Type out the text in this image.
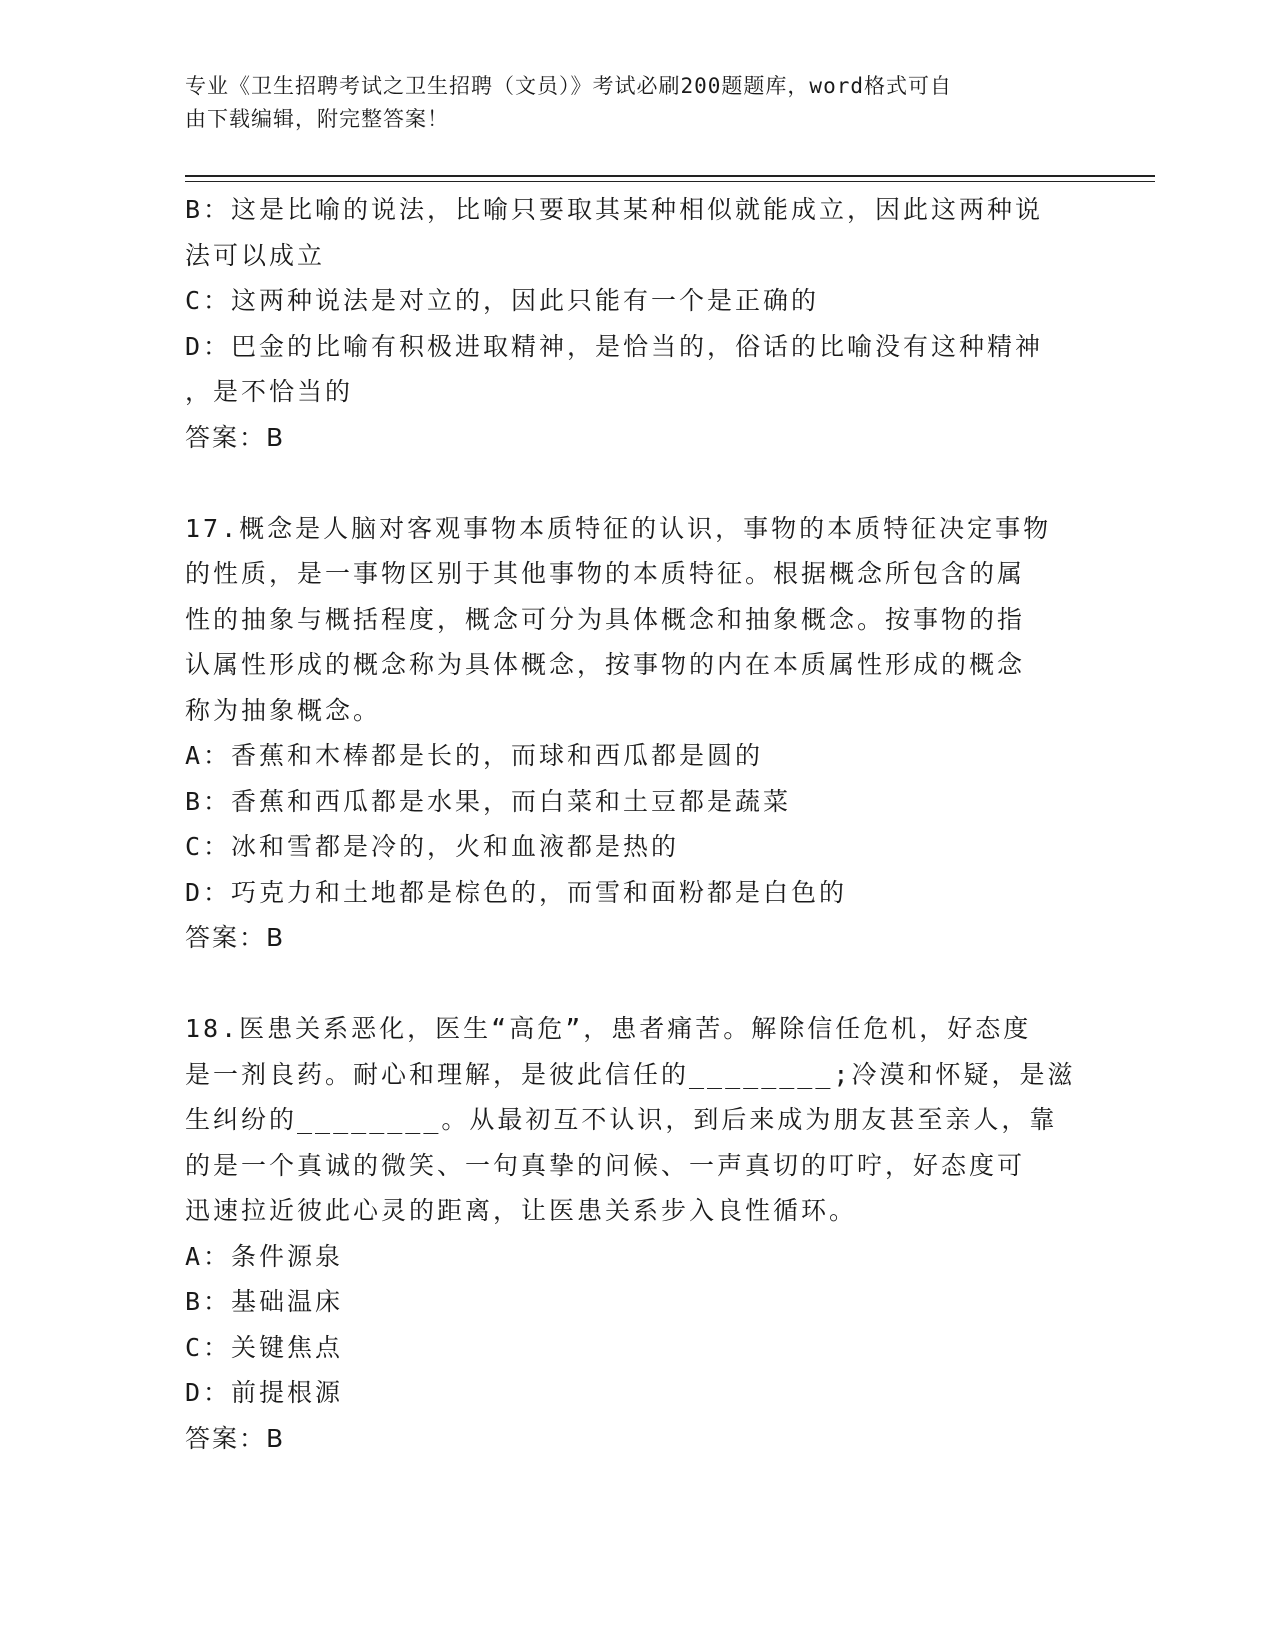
专业《卫生招聘考试之卫生招聘（文员）》考试必刷200题题库，word格式可自
由下载编辑，附完整答案！
B：这是比喻的说法，比喻只要取其某种相似就能成立，因此这两种说
法可以成立
C：这两种说法是对立的，因此只能有一个是正确的
D：巴金的比喻有积极进取精神，是恰当的，俗话的比喻没有这种精神
，是不恰当的
答案：B
17.概念是人脑对客观事物本质特征的认识，事物的本质特征决定事物
的性质，是一事物区别于其他事物的本质特征。根据概念所包含的属
性的抽象与概括程度，概念可分为具体概念和抽象概念。按事物的指
认属性形成的概念称为具体概念，按事物的内在本质属性形成的概念
称为抽象概念。
A：香蕉和木棒都是长的，而球和西瓜都是圆的
B：香蕉和西瓜都是水果，而白菜和土豆都是蔬菜
C：冰和雪都是冷的，火和血液都是热的
D：巧克力和土地都是棕色的，而雪和面粉都是白色的
答案：B
18.医患关系恶化，医生“高危”，患者痛苦。解除信任危机，好态度
是一剂良药。耐心和理解，是彼此信任的________;冷漠和怀疑，是滋
生纠纷的________。从最初互不认识，到后来成为朋友甚至亲人，靠
的是一个真诚的微笑、一句真挚的问候、一声真切的叮咛，好态度可
迅速拉近彼此心灵的距离，让医患关系步入良性循环。
A：条件源泉
B：基础温床
C：关键焦点
D：前提根源
答案：B
